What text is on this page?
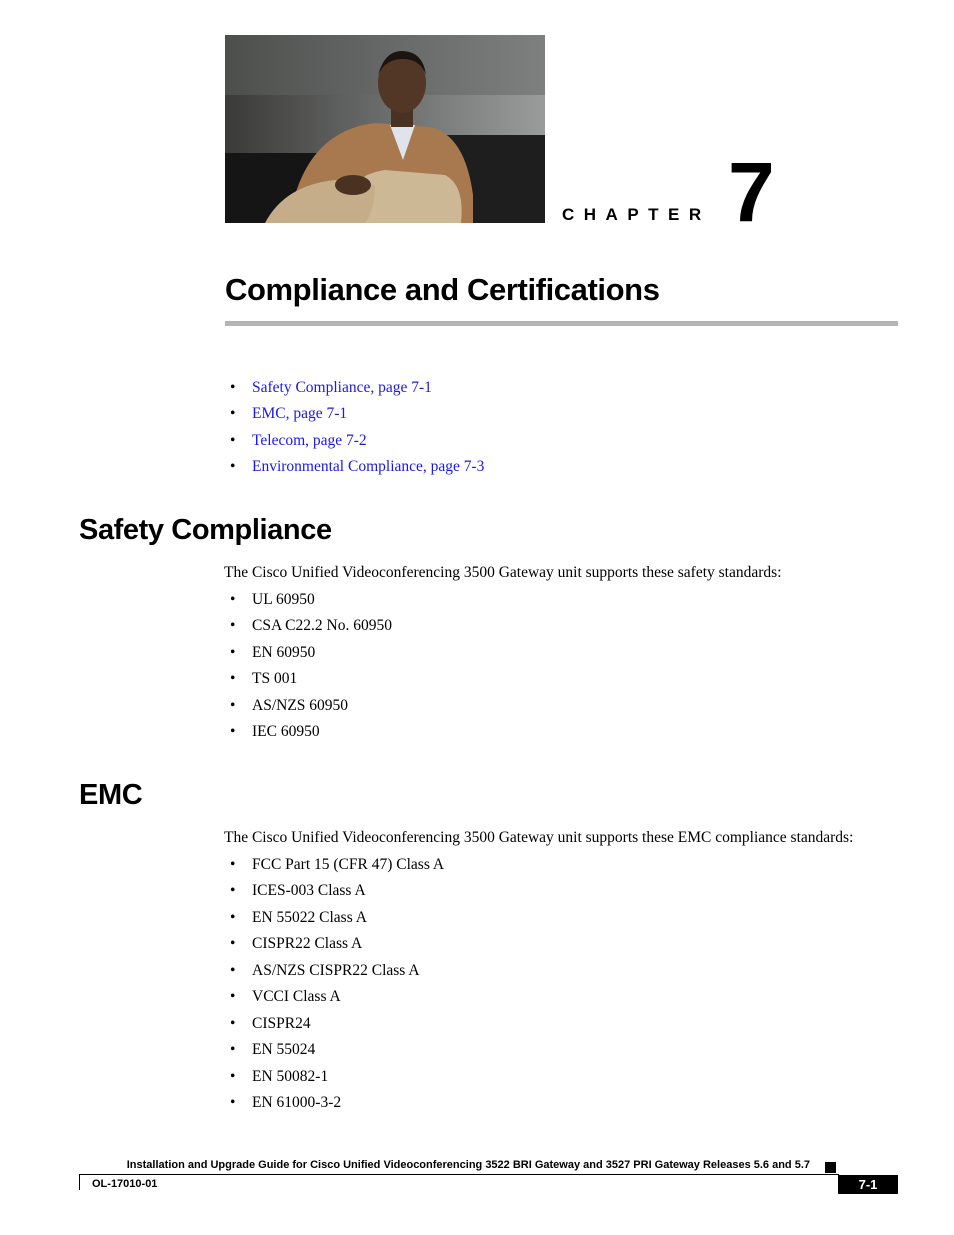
CHAPTER 7
Compliance and Certifications
• Safety Compliance, page 7-1
• EMC, page 7-1
• Telecom, page 7-2
• Environmental Compliance, page 7-3
Safety Compliance

The Cisco Unified Videoconferencing 3500 Gateway unit supports these safety standards:

• UL 60950
• CSA C22.2 No. 60950
• EN 60950
• TS 001
• AS/NZS 60950
• IEC 60950
EMC

The Cisco Unified Videoconferencing 3500 Gateway unit supports these EMC compliance standards:

• FCC Part 15 (CFR 47) Class A
• ICES-003 Class A
• EN 55022 Class A
• CISPR22 Class A
• AS/NZS CISPR22 Class A
• VCCI Class A
• CISPR24
• EN 55024
• EN 50082-1
• EN 61000-3-2
Installation and Upgrade Guide for Cisco Unified Videoconferencing 3522 BRI Gateway and 3527 PRI Gateway Releases 5.6 and 5.7
OL-17010-01	7-1
